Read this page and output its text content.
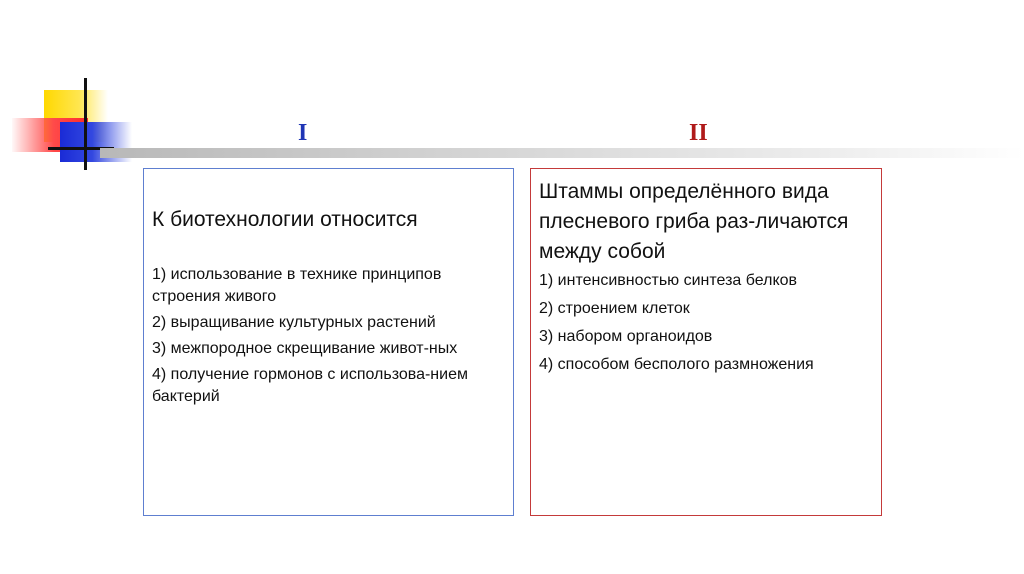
I	II
К биотехнологии относится
1) использование в технике принципов строения живого
2) выращивание культурных растений
3) межпородное скрещивание живот-ных
4) получение гормонов с использова-нием бактерий
Штаммы определённого вида плесневого гриба раз-личаются между собой
1) интенсивностью синтеза белков
2) строением клеток
3) набором органоидов
4) способом бесполого размножения
